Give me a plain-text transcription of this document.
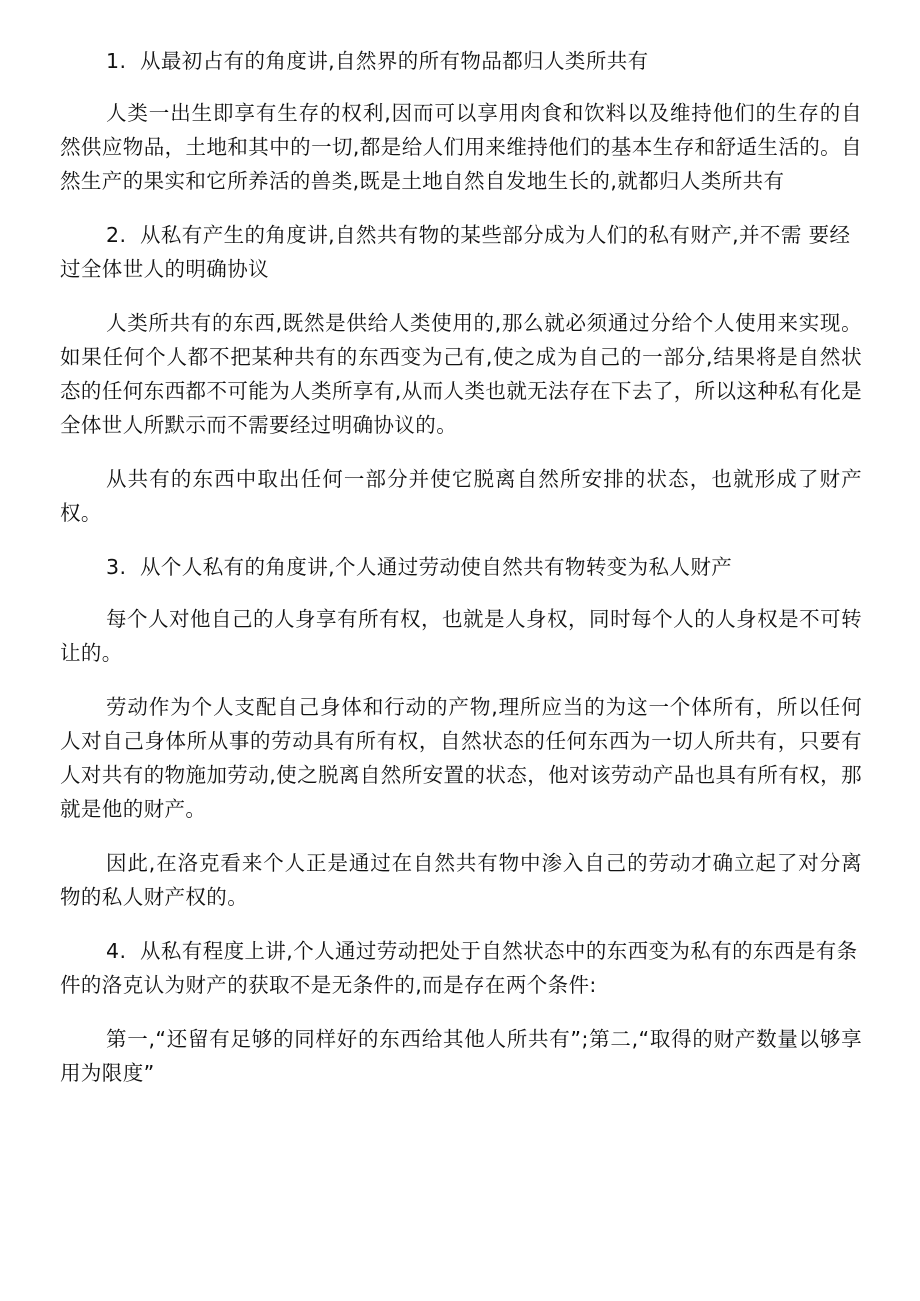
1. 从最初占有的角度讲,自然界的所有物品都归人类所共有

人类一出生即享有生存的权利,因而可以享用肉食和饮料以及维持他们的生存的自然供应物品，土地和其中的一切,都是给人们用来维持他们的基本生存和舒适生活的。自然生产的果实和它所养活的兽类,既是土地自然自发地生长的,就都归人类所共有

2. 从私有产生的角度讲,自然共有物的某些部分成为人们的私有财产,并不需 要经过全体世人的明确协议

人类所共有的东西,既然是供给人类使用的,那么就必须通过分给个人使用来实现。如果任何个人都不把某种共有的东西变为己有,使之成为自己的一部分,结果将是自然状态的任何东西都不可能为人类所享有,从而人类也就无法存在下去了，所以这种私有化是全体世人所默示而不需要经过明确协议的。

从共有的东西中取出任何一部分并使它脱离自然所安排的状态，也就形成了财产权。

3. 从个人私有的角度讲,个人通过劳动使自然共有物转变为私人财产

每个人对他自己的人身享有所有权，也就是人身权，同时每个人的人身权是不可转让的。

劳动作为个人支配自己身体和行动的产物,理所应当的为这一个体所有，所以任何人对自己身体所从事的劳动具有所有权，自然状态的任何东西为一切人所共有，只要有人对共有的物施加劳动,使之脱离自然所安置的状态，他对该劳动产品也具有所有权，那就是他的财产。

因此,在洛克看来个人正是通过在自然共有物中渗入自己的劳动才确立起了对分离物的私人财产权的。

4. 从私有程度上讲,个人通过劳动把处于自然状态中的东西变为私有的东西是有条件的洛克认为财产的获取不是无条件的,而是存在两个条件:

第一,“还留有足够的同样好的东西给其他人所共有”;第二,“取得的财产数量以够享用为限度”
